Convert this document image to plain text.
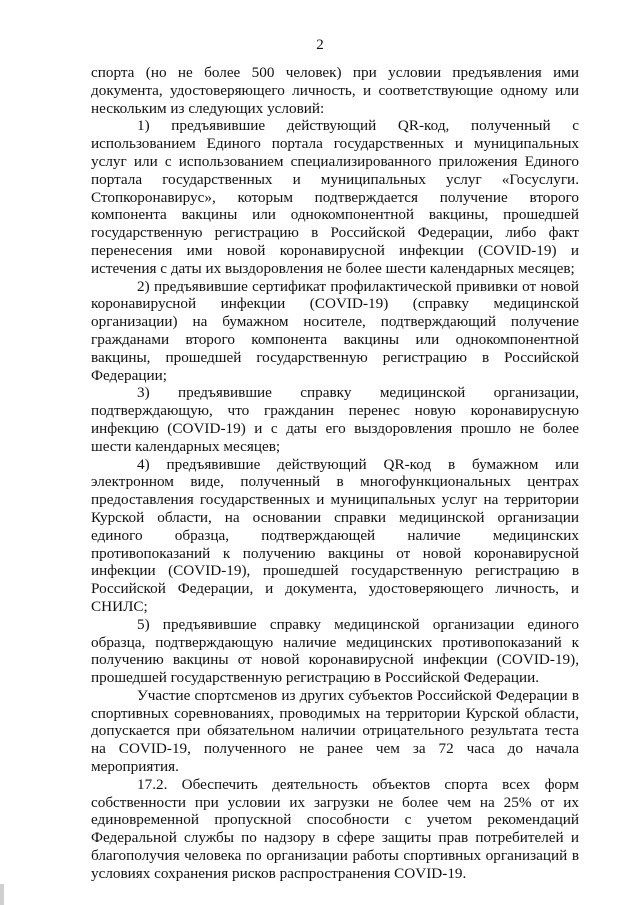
2

спорта (но не более 500 человек) при условии предъявления ими документа, удостоверяющего личность, и соответствующие одному или нескольким из следующих условий:

1) предъявившие действующий QR-код, полученный с использованием Единого портала государственных и муниципальных услуг или с использованием специализированного приложения Единого портала государственных и муниципальных услуг «Госуслуги. Стопкоронавирус», которым подтверждается получение второго компонента вакцины или однокомпонентной вакцины, прошедшей государственную регистрацию в Российской Федерации, либо факт перенесения ими новой коронавирусной инфекции (COVID-19) и истечения с даты их выздоровления не более шести календарных месяцев;

2) предъявившие сертификат профилактической прививки от новой коронавирусной инфекции (COVID-19) (справку медицинской организации) на бумажном носителе, подтверждающий получение гражданами второго компонента вакцины или однокомпонентной вакцины, прошедшей государственную регистрацию в Российской Федерации;

3) предъявившие справку медицинской организации, подтверждающую, что гражданин перенес новую коронавирусную инфекцию (COVID-19) и с даты его выздоровления прошло не более шести календарных месяцев;

4) предъявившие действующий QR-код в бумажном или электронном виде, полученный в многофункциональных центрах предоставления государственных и муниципальных услуг на территории Курской области, на основании справки медицинской организации единого образца, подтверждающей наличие медицинских противопоказаний к получению вакцины от новой коронавирусной инфекции (COVID-19), прошедшей государственную регистрацию в Российской Федерации, и документа, удостоверяющего личность, и СНИЛС;

5) предъявившие справку медицинской организации единого образца, подтверждающую наличие медицинских противопоказаний к получению вакцины от новой коронавирусной инфекции (COVID-19), прошедшей государственную регистрацию в Российской Федерации.

Участие спортсменов из других субъектов Российской Федерации в спортивных соревнованиях, проводимых на территории Курской области, допускается при обязательном наличии отрицательного результата теста на COVID-19, полученного не ранее чем за 72 часа до начала мероприятия.

17.2. Обеспечить деятельность объектов спорта всех форм собственности при условии их загрузки не более чем на 25% от их единовременной пропускной способности с учетом рекомендаций Федеральной службы по надзору в сфере защиты прав потребителей и благополучия человека по организации работы спортивных организаций в условиях сохранения рисков распространения COVID-19.
